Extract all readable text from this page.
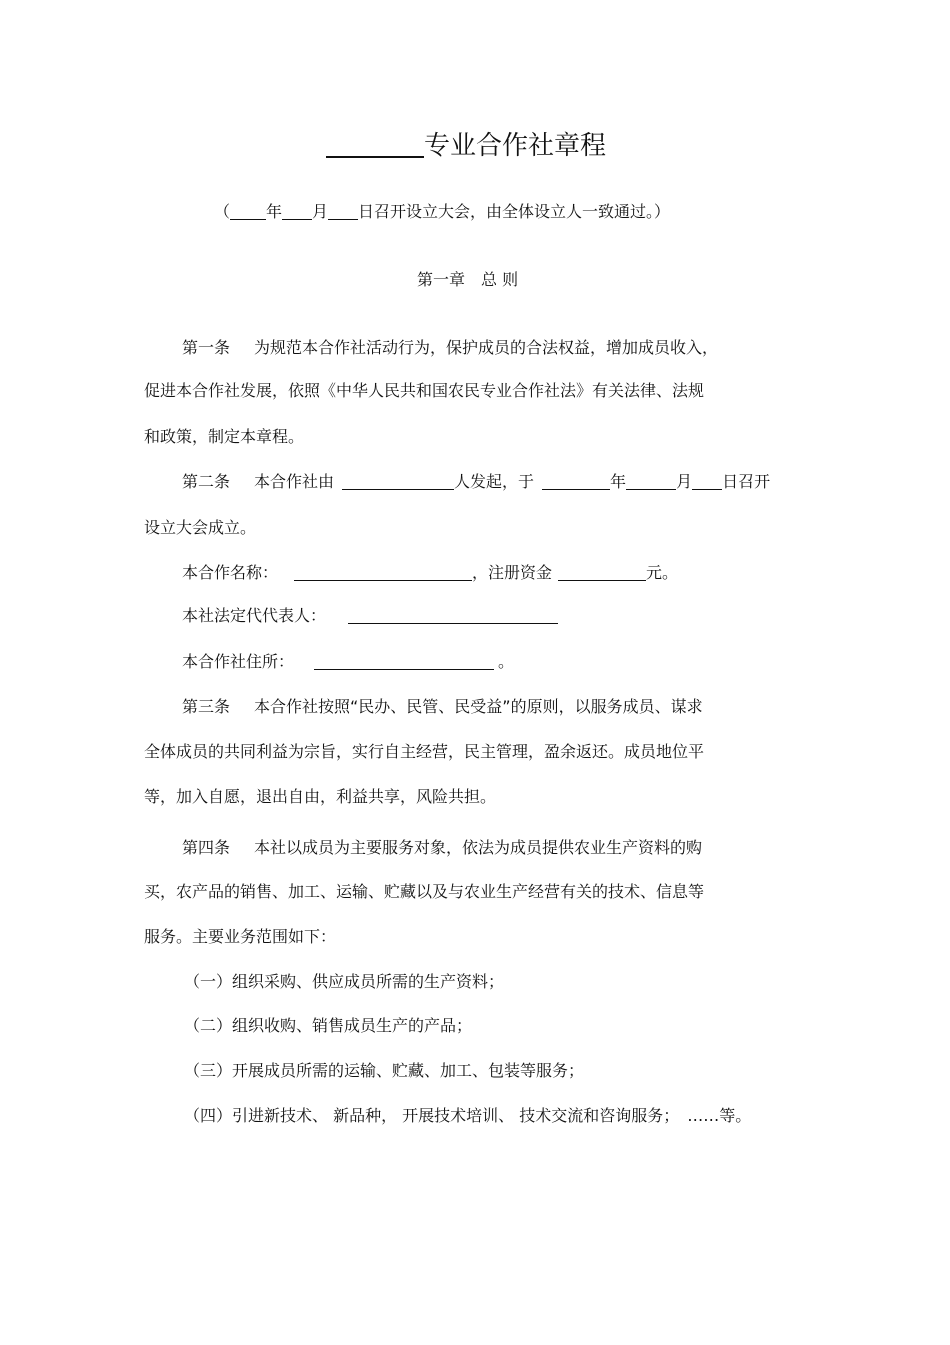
专业合作社章程
（ 年 月 日召开设立大会，由全体设立人一致通过。）
第一章 总 则
第一条 为规范本合作社活动行为，保护成员的合法权益，增加成员收入，
促进本合作社发展，依照《中华人民共和国农民专业合作社法》有关法律、法规
和政策，制定本章程。
第二条 本合作社由	人发起，于	年	月 日召开
设立大会成立。
本合作名称：	，注册资金	元。
本社法定代代表人：
本合作社住所：	。
第三条 本合作社按照“民办、民管、民受益”的原则，以服务成员、谋求
全体成员的共同利益为宗旨，实行自主经营，民主管理，盈余返还。成员地位平
等，加入自愿，退出自由，利益共享，风险共担。
第四条 本社以成员为主要服务对象，依法为成员提供农业生产资料的购
买，农产品的销售、加工、运输、贮藏以及与农业生产经营有关的技术、信息等
服务。主要业务范围如下：
（一）组织采购、供应成员所需的生产资料；
（二）组织收购、销售成员生产的产品；
（三）开展成员所需的运输、贮藏、加工、包装等服务；
（四）引进新技术、 新品种， 开展技术培训、 技术交流和咨询服务；　……等。
